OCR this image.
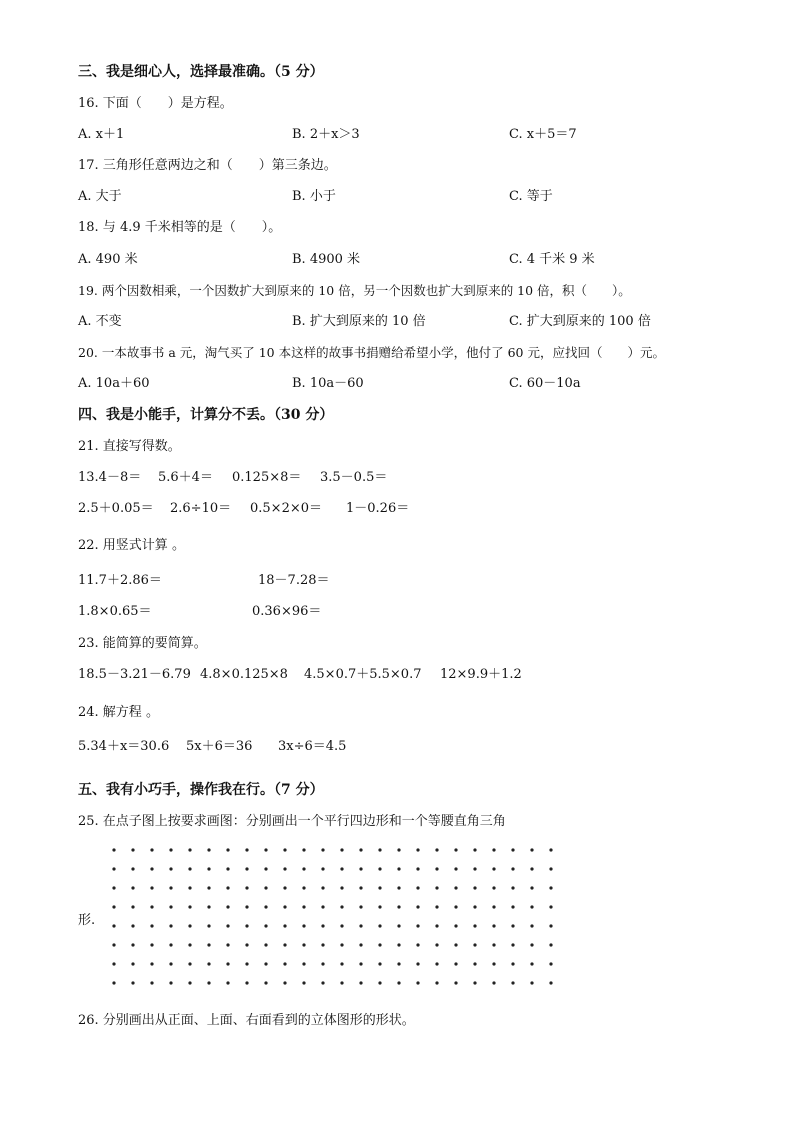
三、我是细心人，选择最准确。（5 分）
16. 下面（　　）是方程。
A. x＋1	B. 2＋x＞3	C. x＋5＝7
17. 三角形任意两边之和（　　）第三条边。
A. 大于	B. 小于	C. 等于
18. 与 4.9 千米相等的是（　　）。
A. 490 米	B. 4900 米	C. 4 千米 9 米
19. 两个因数相乘，一个因数扩大到原来的 10 倍，另一个因数也扩大到原来的 10 倍，积（　　）。
A. 不变	B. 扩大到原来的 10 倍	C. 扩大到原来的 100 倍
20. 一本故事书 a 元，淘气买了 10 本这样的故事书捐赠给希望小学，他付了 60 元，应找回（　　）元。
A. 10a＋60	B. 10a－60	C. 60－10a
四、我是小能手，计算分不丢。（30 分）
21. 直接写得数。
13.4－8＝ 5.6＋4＝ 0.125×8＝ 3.5－0.5＝
2.5＋0.05＝ 2.6÷10＝ 0.5×2×0＝ 1－0.26＝
22. 用竖式计算 。
11.7＋2.86＝	18－7.28＝
1.8×0.65＝	0.36×96＝
23. 能简算的要简算。
18.5－3.21－6.79 4.8×0.125×8 4.5×0.7＋5.5×0.7 12×9.9＋1.2
24. 解方程 。
5.34＋x＝30.6 5x＋6＝36 3x÷6＝4.5
五、我有小巧手，操作我在行。（7 分）
25. 在点子图上按要求画图：分别画出一个平行四边形和一个等腰直角三角
形.
26. 分别画出从正面、上面、右面看到的立体图形的形状。
